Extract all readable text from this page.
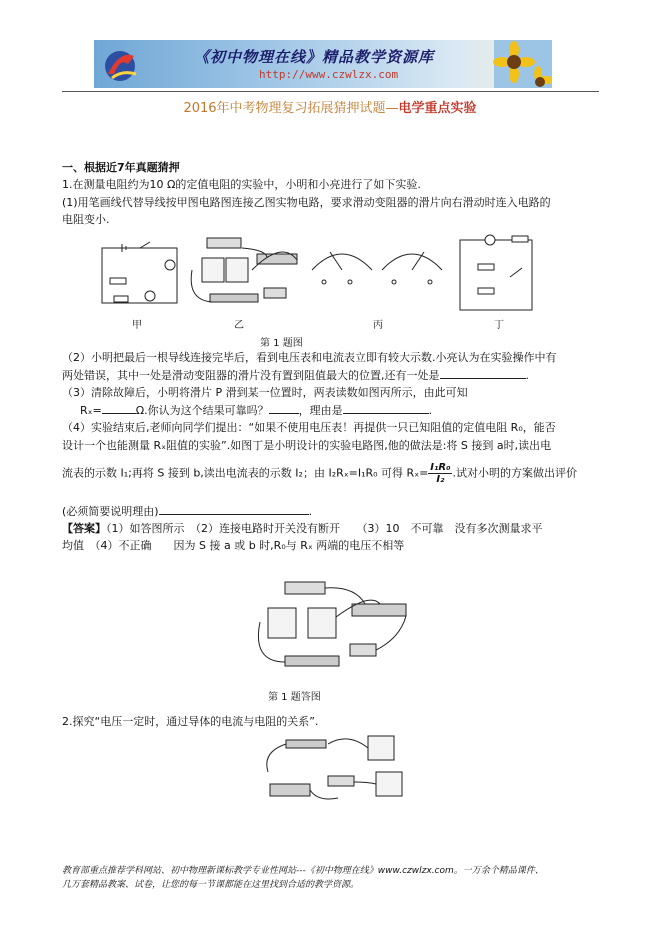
《初中物理在线》精品教学资源库
http://www.czwlzx.com
2016年中考物理复习拓展猜押试题—电学重点实验
一、根据近7年真题猜押
1.在测量电阻约为10 Ω的定值电阻的实验中，小明和小亮进行了如下实验.
(1)用笔画线代替导线按甲图电路图连接乙图实物电路，要求滑动变阻器的滑片向右滑动时连入电路的
电阻变小.
甲	乙	丙	丁
第 1 题图
（2）小明把最后一根导线连接完毕后，看到电压表和电流表立即有较大示数.小亮认为在实验操作中有
两处错误，其中一处是滑动变阻器的滑片没有置到阻值最大的位置,还有一处是	.
（3）清除故障后，小明将滑片 P 滑到某一位置时，两表读数如图丙所示，由此可知
Rₓ=	Ω.你认为这个结果可靠吗？	，理由是	.
（4）实验结束后,老师向同学们提出：“如果不使用电压表！再提供一只已知阻值的定值电阻 R₀，能否
设计一个也能测量 Rₓ阻值的实验”.如图丁是小明设计的实验电路图,他的做法是:将 S 接到 a时,读出电
流表的示数 I₁;再将 S 接到 b,读出电流表的示数 I₂；由 I₂Rₓ=I₁R₀ 可得 $R_x= \frac{\text{I₁R₀}}{\text{I₂}}$ .试对小明的方案做出评价
(必须简要说明理由)	.
【答案】（1）如答图所示　（2）连接电路时开关没有断开　　（3）10　不可靠　没有多次测量求平
均值　（4）不正确　　因为 S 接 a 或 b 时,R₀与 Rₓ 两端的电压不相等
第 1 题答图
2.探究“电压一定时，通过导体的电流与电阻的关系”.
教育部重点推荐学科网站、初中物理新课标教学专业性网站---《初中物理在线》www.czwlzx.com。一万余个精品课件、
几万套精品教案、试卷，让您的每一节课都能在这里找到合适的教学资源。
